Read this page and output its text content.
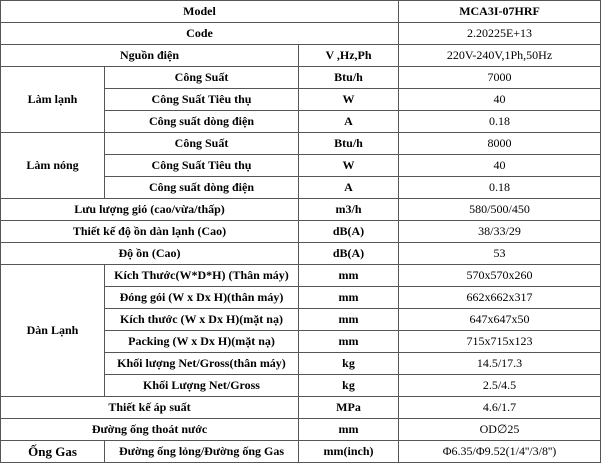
Model			MCA3I-07HRF
Code			2.20225E+13
Nguồn điện		V ,Hz,Ph	220V-240V,1Ph,50Hz
Làm lạnh	Công Suất	Btu/h	7000
	Công Suất Tiêu thụ	W	40
	Công suất dòng điện	A	0.18
Làm nóng	Công Suất	Btu/h	8000
	Công Suất Tiêu thụ	W	40
	Công suất dòng điện	A	0.18
Lưu lượng gió (cao/vừa/thấp)		m3/h	580/500/450
Thiết kế độ ồn dàn lạnh (Cao)		dB(A)	38/33/29
Độ ồn (Cao)		dB(A)	53
Dàn Lạnh	Kích Thước(W*D*H) (Thân máy)	mm	570x570x260
	Đóng gói (W x Dx H)(thân máy)	mm	662x662x317
	Kích thước (W x Dx H)(mặt nạ)	mm	647x647x50
	Packing (W x Dx H)(mặt nạ)	mm	715x715x123
	Khối lượng Net/Gross(thân máy)	kg	14.5/17.3
	Khối Lượng Net/Gross	kg	2.5/4.5
Thiết kế áp suất		MPa	4.6/1.7
Đường ống thoát nước		mm	OD∅25
Ống Gas	Đường ống lỏng/Đường ống Gas	mm(inch)	Φ6.35/Φ9.52(1/4''/3/8'')
